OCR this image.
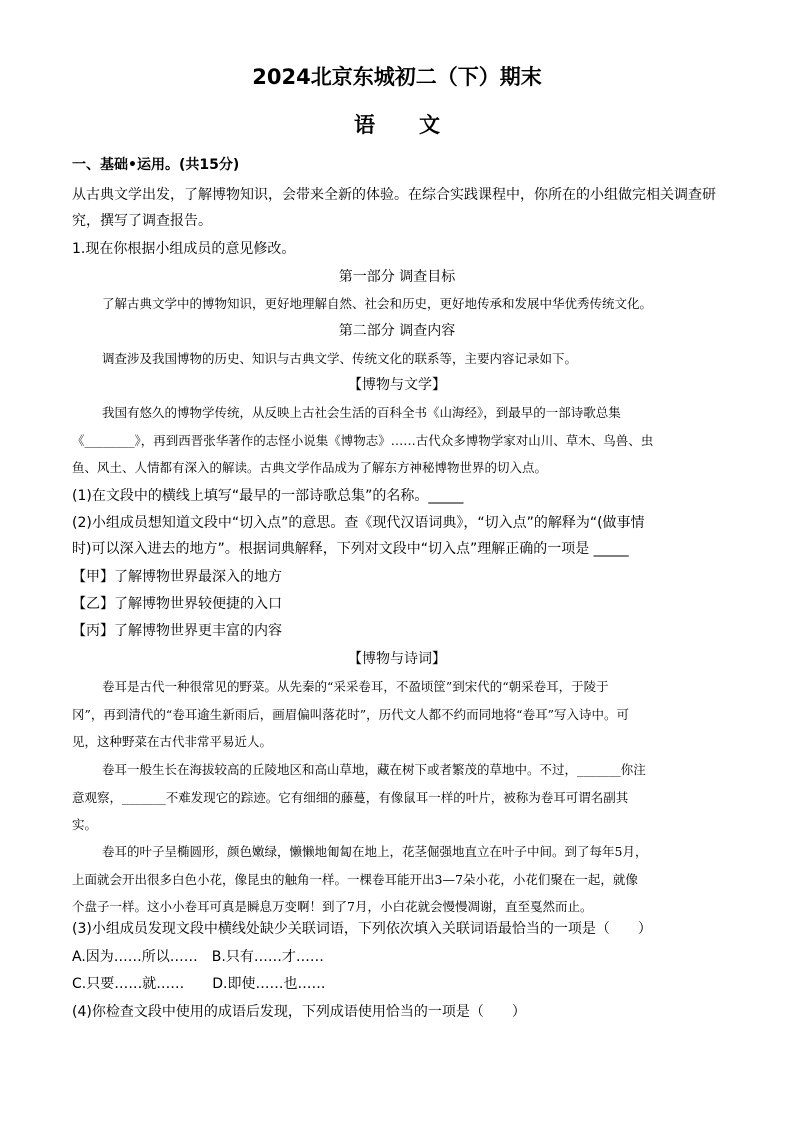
2024北京东城初二（下）期末
语文
一、基础•运用。(共15分)
从古典文学出发，了解博物知识，会带来全新的体验。在综合实践课程中，你所在的小组做完相关调查研
究，撰写了调查报告。
1.现在你根据小组成员的意见修改。
第一部分 调查目标
了解古典文学中的博物知识，更好地理解自然、社会和历史，更好地传承和发展中华优秀传统文化。
第二部分 调查内容
调查涉及我国博物的历史、知识与古典文学、传统文化的联系等，主要内容记录如下。
【博物与文学】
我国有悠久的博物学传统，从反映上古社会生活的百科全书《山海经》，到最早的一部诗歌总集
《________》，再到西晋张华著作的志怪小说集《博物志》……古代众多博物学家对山川、草木、鸟兽、虫
鱼、风土、人情都有深入的解读。古典文学作品成为了解东方神秘博物世界的切入点。
(1)在文段中的横线上填写“最早的一部诗歌总集”的名称。_____
(2)小组成员想知道文段中“切入点”的意思。查《现代汉语词典》，“切入点”的解释为“(做事情
时)可以深入进去的地方”。根据词典解释，下列对文段中“切入点”理解正确的一项是 _____
【甲】了解博物世界最深入的地方
【乙】了解博物世界较便捷的入口
【丙】了解博物世界更丰富的内容
【博物与诗词】
卷耳是古代一种很常见的野菜。从先秦的“采采卷耳，不盈顷筐”到宋代的“朝采卷耳，于陵于
冈”，再到清代的“卷耳逾生新雨后，画眉偏叫落花时”，历代文人都不约而同地将“卷耳”写入诗中。可
见，这种野菜在古代非常平易近人。
卷耳一般生长在海拔较高的丘陵地区和高山草地，藏在树下或者繁茂的草地中。不过，_______你注
意观察，_______不难发现它的踪迹。它有细细的藤蔓，有像鼠耳一样的叶片，被称为卷耳可谓名副其
实。
卷耳的叶子呈椭圆形，颜色嫩绿，懒懒地匍匐在地上，花茎倔强地直立在叶子中间。到了每年5月，
上面就会开出很多白色小花，像昆虫的触角一样。一棵卷耳能开出3—7朵小花，小花们聚在一起，就像
个盘子一样。这小小卷耳可真是瞬息万变啊！到了7月，小白花就会慢慢凋谢，直至戛然而止。
(3)小组成员发现文段中横线处缺少关联词语，下列依次填入关联词语最恰当的一项是（　　）
A.因为……所以……　B.只有……才……
C.只要……就……　　D.即使……也……
(4)你检查文段中使用的成语后发现，下列成语使用恰当的一项是（　　）
